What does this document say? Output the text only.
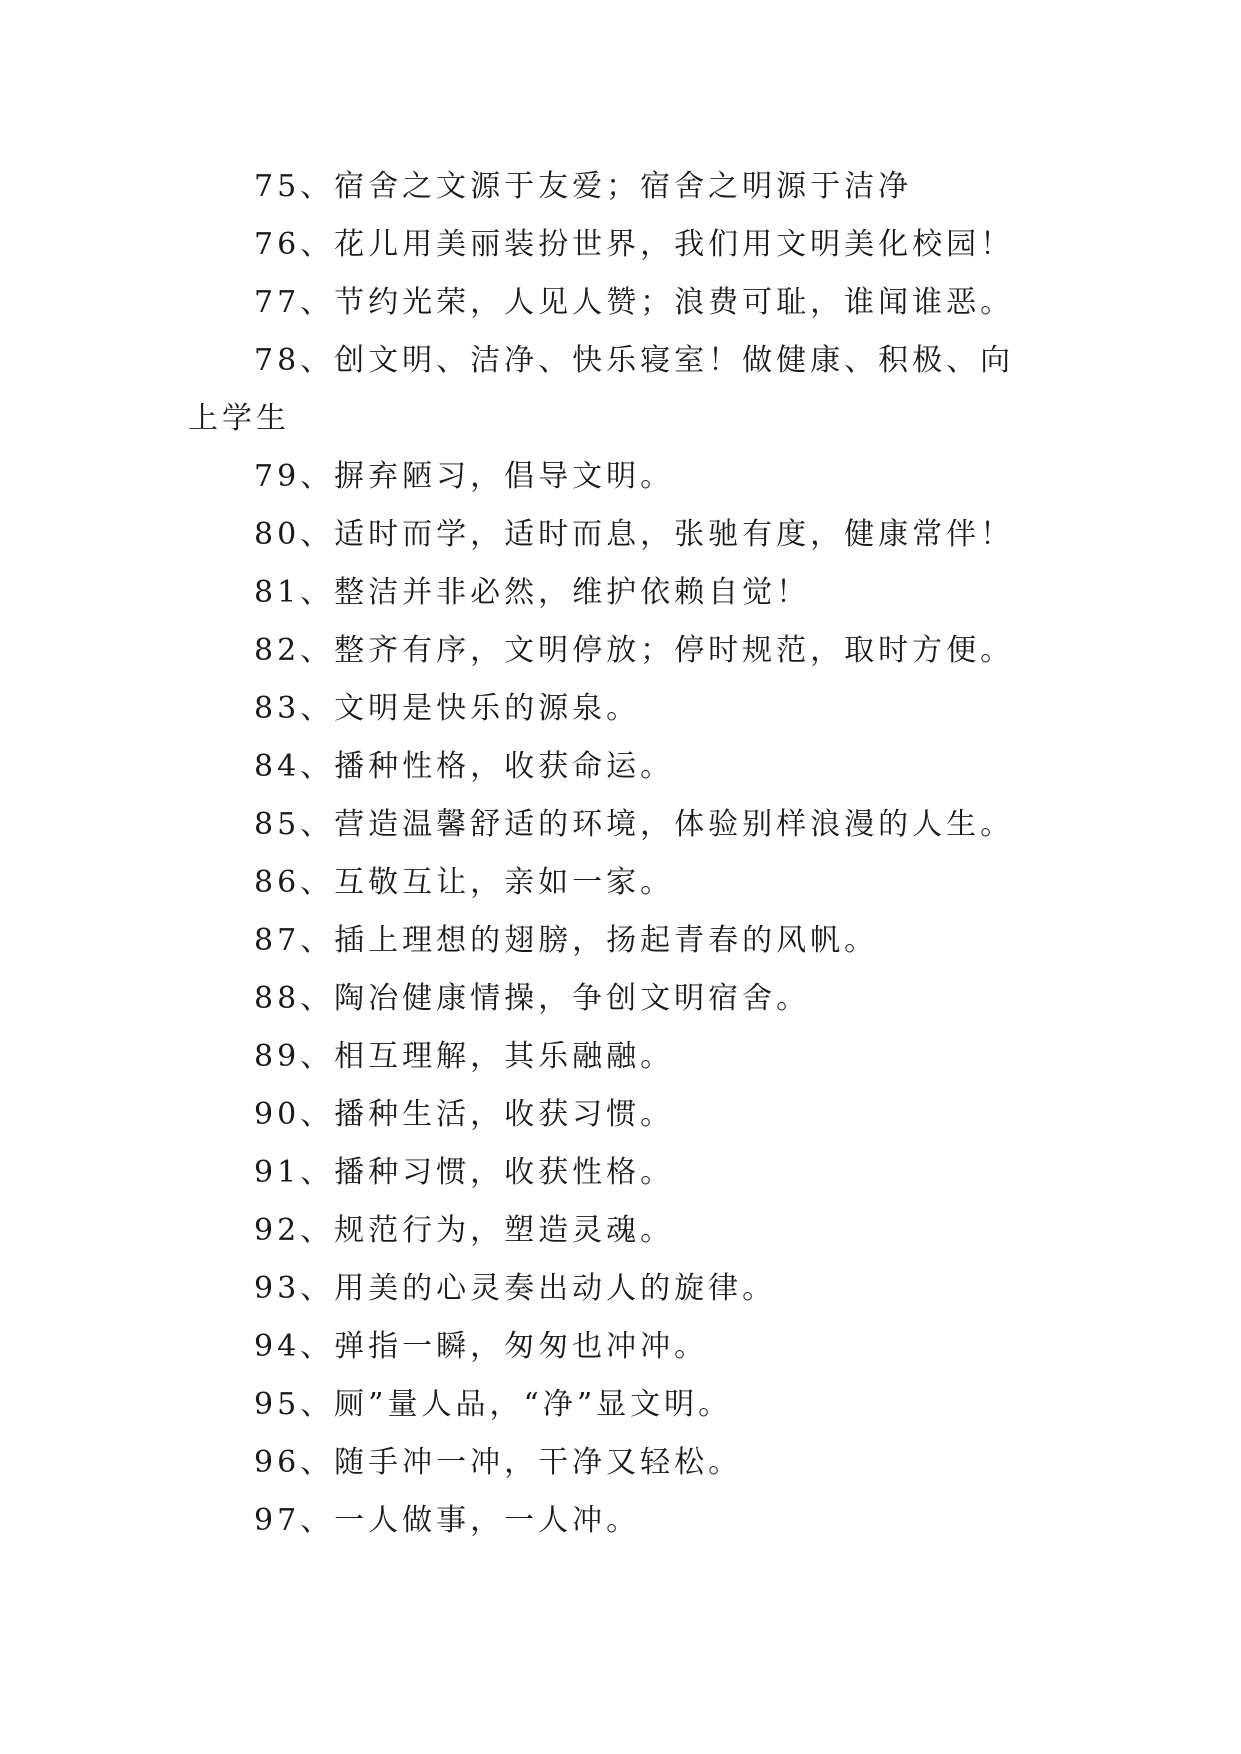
75、宿舍之文源于友爱；宿舍之明源于洁净
76、花儿用美丽装扮世界，我们用文明美化校园！
77、节约光荣，人见人赞；浪费可耻，谁闻谁恶。
78、创文明、洁净、快乐寝室！做健康、积极、向上学生
79、摒弃陋习，倡导文明。
80、适时而学，适时而息，张驰有度，健康常伴！
81、整洁并非必然，维护依赖自觉！
82、整齐有序，文明停放；停时规范，取时方便。
83、文明是快乐的源泉。
84、播种性格，收获命运。
85、营造温馨舒适的环境，体验别样浪漫的人生。
86、互敬互让，亲如一家。
87、插上理想的翅膀，扬起青春的风帆。
88、陶冶健康情操，争创文明宿舍。
89、相互理解，其乐融融。
90、播种生活，收获习惯。
91、播种习惯，收获性格。
92、规范行为，塑造灵魂。
93、用美的心灵奏出动人的旋律。
94、弹指一瞬，匆匆也冲冲。
95、厕”量人品，“净”显文明。
96、随手冲一冲，干净又轻松。
97、一人做事，一人冲。
